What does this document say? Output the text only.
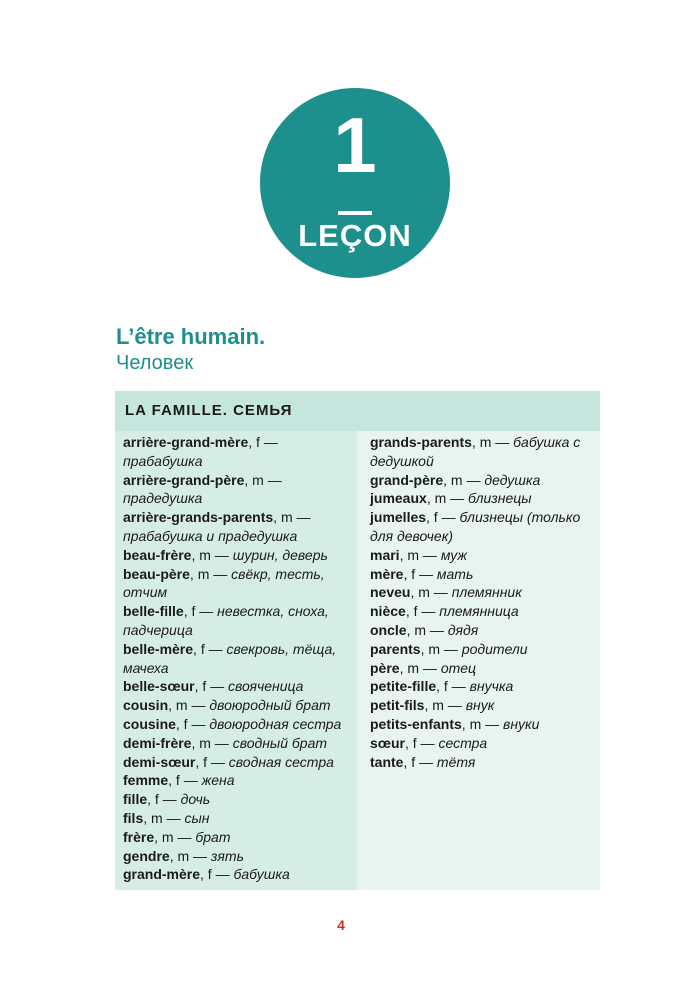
1
LEÇON
L’être humain.
Человек
LA FAMILLE. СЕМЬЯ
arrière-grand-mère, f — прабабушка
arrière-grand-père, m — прадедушка
arrière-grands-parents, m — прабабушка и прадедушка
beau-frère, m — шурин, деверь
beau-père, m — свёкр, тесть, отчим
belle-fille, f — невестка, сноха, падчерица
belle-mère, f — свекровь, тёща, мачеха
belle-sœur, f — свояченица
cousin, m — двоюродный брат
cousine, f — двоюродная сестра
demi-frère, m — сводный брат
demi-sœur, f — сводная сестра
femme, f — жена
fille, f — дочь
fils, m — сын
frère, m — брат
gendre, m — зять
grand-mère, f — бабушка
grands-parents, m — бабушка с дедушкой
grand-père, m — дедушка
jumeaux, m — близнецы
jumelles, f — близнецы (только для девочек)
mari, m — муж
mère, f — мать
neveu, m — племянник
nièce, f — племянница
oncle, m — дядя
parents, m — родители
père, m — отец
petite-fille, f — внучка
petit-fils, m — внук
petits-enfants, m — внуки
sœur, f — сестра
tante, f — тётя
4
